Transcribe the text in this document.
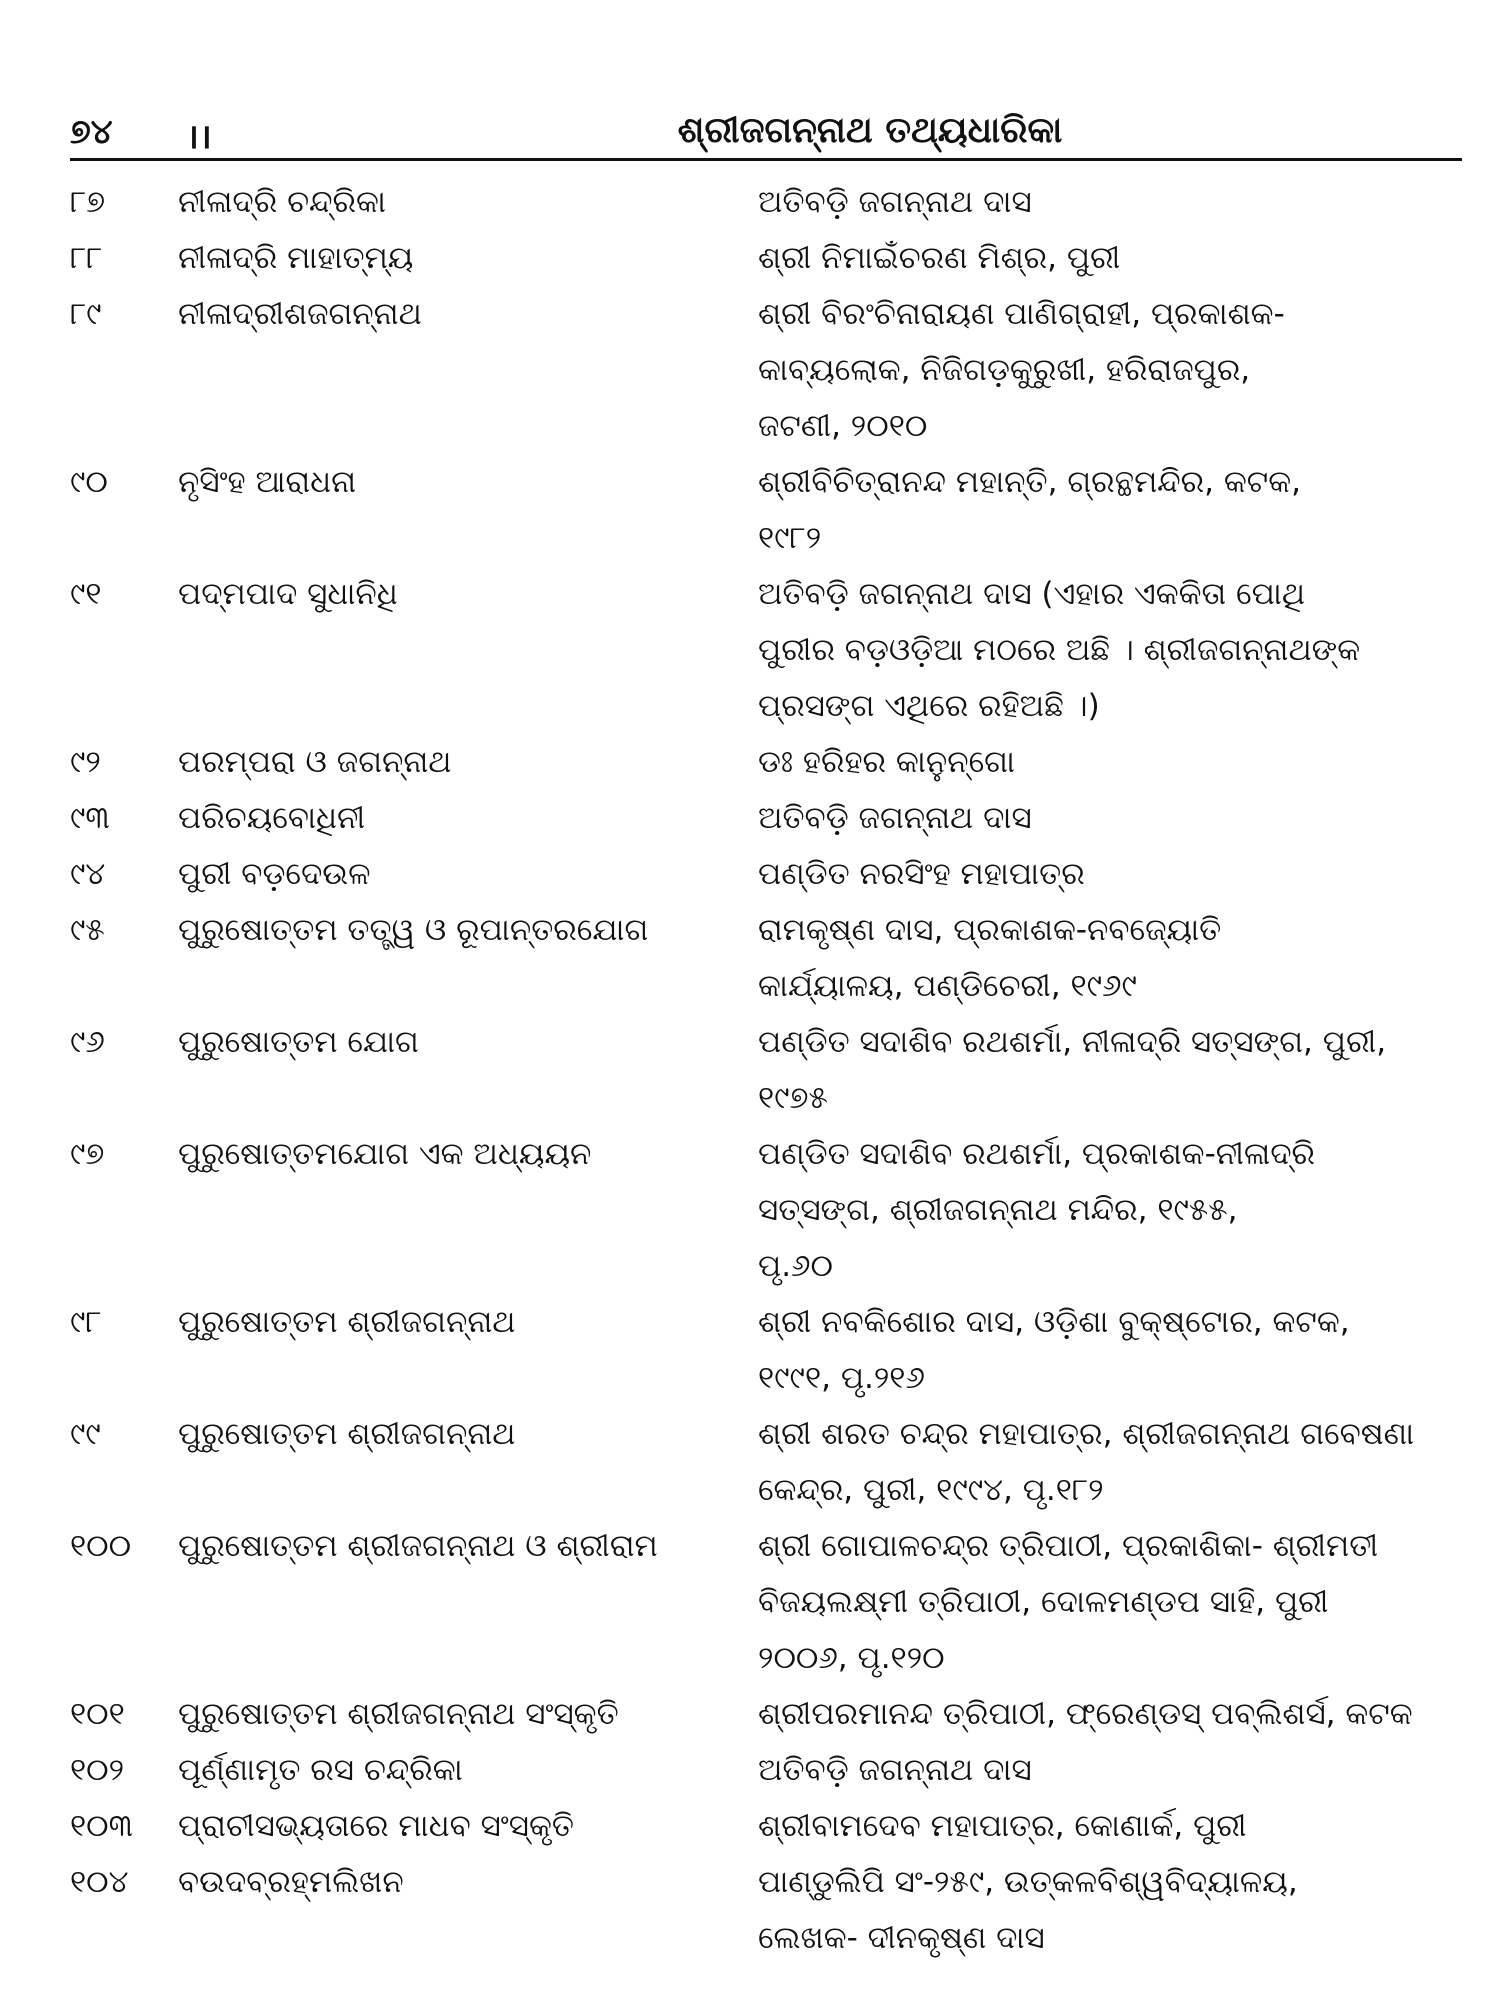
୭୪ ।।	ଶ୍ରୀଜଗନ୍ନାଥ ତଥ୍ୟଧାରିକା
୮୭	ନୀଳାଦ୍ରି ଚନ୍ଦ୍ରିକା	ଅତିବଡ଼ି ଜଗନ୍ନାଥ ଦାସ
୮୮	ନୀଳାଦ୍ରି ମାହାତ୍ମ୍ୟ	ଶ୍ରୀ ନିମାଇଁଚରଣ ମିଶ୍ର, ପୁରୀ
୮୯	ନୀଳାଦ୍ରୀଶଜଗନ୍ନାଥ	ଶ୍ରୀ ବିରଂଚିନାରାୟଣ ପାଣିଗ୍ରାହୀ, ପ୍ରକାଶକ-
କାବ୍ୟଲୋକ, ନିଜିଗଡ଼କୁରୁଖୀ, ହରିରାଜପୁର,
ଜଟଣୀ, ୨୦୧୦
୯୦	ନୃସିଂହ ଆରାଧନା	ଶ୍ରୀବିଚିତ୍ରାନନ୍ଦ ମହାନ୍ତି, ଗ୍ରନ୍ଥମନ୍ଦିର, କଟକ,
୧୯୮୨
୯୧	ପଦ୍ମପାଦ ସୁଧାନିଧି	ଅତିବଡ଼ି ଜଗନ୍ନାଥ ଦାସ (ଏହାର ଏକକିତା ପୋଥି
ପୁରୀର ବଡ଼ଓଡ଼ିଆ ମଠରେ ଅଛି । ଶ୍ରୀଜଗନ୍ନାଥଙ୍କ
ପ୍ରସଙ୍ଗ ଏଥିରେ ରହିଅଛି ।)
୯୨	ପରମ୍ପରା ଓ ଜଗନ୍ନାଥ	ଡଃ ହରିହର କାନୁନ୍‌ଗୋ
୯୩	ପରିଚୟବୋଧିନୀ	ଅତିବଡ଼ି ଜଗନ୍ନାଥ ଦାସ
୯୪	ପୁରୀ ବଡ଼ଦେଉଳ	ପଣ୍ଡିତ ନରସିଂହ ମହାପାତ୍ର
୯୫	ପୁରୁଷୋତ୍ତମ ତତ୍ତ୍ୱ ଓ ରୂପାନ୍ତରଯୋଗ	ରାମକୃଷ୍ଣ ଦାସ, ପ୍ରକାଶକ-ନବଜ୍ୟୋତି
କାର୍ଯ୍ୟାଳୟ, ପଣ୍ଡିଚେରୀ, ୧୯୬୯
୯୬	ପୁରୁଷୋତ୍ତମ ଯୋଗ	ପଣ୍ଡିତ ସଦାଶିବ ରଥଶର୍ମା, ନୀଳାଦ୍ରି ସତ୍‌ସଙ୍ଗ, ପୁରୀ,
୧୯୭୫
୯୭	ପୁରୁଷୋତ୍ତମଯୋଗ ଏକ ଅଧ୍ୟୟନ	ପଣ୍ଡିତ ସଦାଶିବ ରଥଶର୍ମା, ପ୍ରକାଶକ-ନୀଳାଦ୍ରି
ସତ୍‌ସଙ୍ଗ, ଶ୍ରୀଜଗନ୍ନାଥ ମନ୍ଦିର, ୧୯୫୫,
ପୃ.୬୦
୯୮	ପୁରୁଷୋତ୍ତମ ଶ୍ରୀଜଗନ୍ନାଥ	ଶ୍ରୀ ନବକିଶୋର ଦାସ, ଓଡ଼ିଶା ବୁକ୍‌ଷ୍ଟୋର, କଟକ,
୧୯୯୧, ପୃ.୨୧୬
୯୯	ପୁରୁଷୋତ୍ତମ ଶ୍ରୀଜଗନ୍ନାଥ	ଶ୍ରୀ ଶରତ ଚନ୍ଦ୍ର ମହାପାତ୍ର, ଶ୍ରୀଜଗନ୍ନାଥ ଗବେଷଣା
କେନ୍ଦ୍ର, ପୁରୀ, ୧୯୯୪, ପୃ.୧୮୨
୧୦୦	ପୁରୁଷୋତ୍ତମ ଶ୍ରୀଜଗନ୍ନାଥ ଓ ଶ୍ରୀରାମ	ଶ୍ରୀ ଗୋପାଳଚନ୍ଦ୍ର ତ୍ରିପାଠୀ, ପ୍ରକାଶିକା- ଶ୍ରୀମତୀ
ବିଜୟଲକ୍ଷ୍ମୀ ତ୍ରିପାଠୀ, ଦୋଳମଣ୍ଡପ ସାହି, ପୁରୀ
୨୦୦୬, ପୃ.୧୨୦
୧୦୧	ପୁରୁଷୋତ୍ତମ ଶ୍ରୀଜଗନ୍ନାଥ ସଂସ୍କୃତି	ଶ୍ରୀପରମାନନ୍ଦ ତ୍ରିପାଠୀ, ଫ୍ରେଣ୍ଡସ୍ ପବ୍ଲିଶର୍ସ, କଟକ
୧୦୨	ପୂର୍ଣ୍ଣାମୃତ ରସ ଚନ୍ଦ୍ରିକା	ଅତିବଡ଼ି ଜଗନ୍ନାଥ ଦାସ
୧୦୩	ପ୍ରାଚୀସଭ୍ୟତାରେ ମାଧବ ସଂସ୍କୃତି	ଶ୍ରୀବାମଦେବ ମହାପାତ୍ର, କୋଣାର୍କ, ପୁରୀ
୧୦୪	ବଉଦବ୍ରହ୍ମଲିଖନ	ପାଣ୍ଡୁଲିପି ସଂ-୨୫୯, ଉତ୍କଳବିଶ୍ୱବିଦ୍ୟାଳୟ,
ଲେଖକ- ଦୀନକୃଷ୍ଣ ଦାସ
